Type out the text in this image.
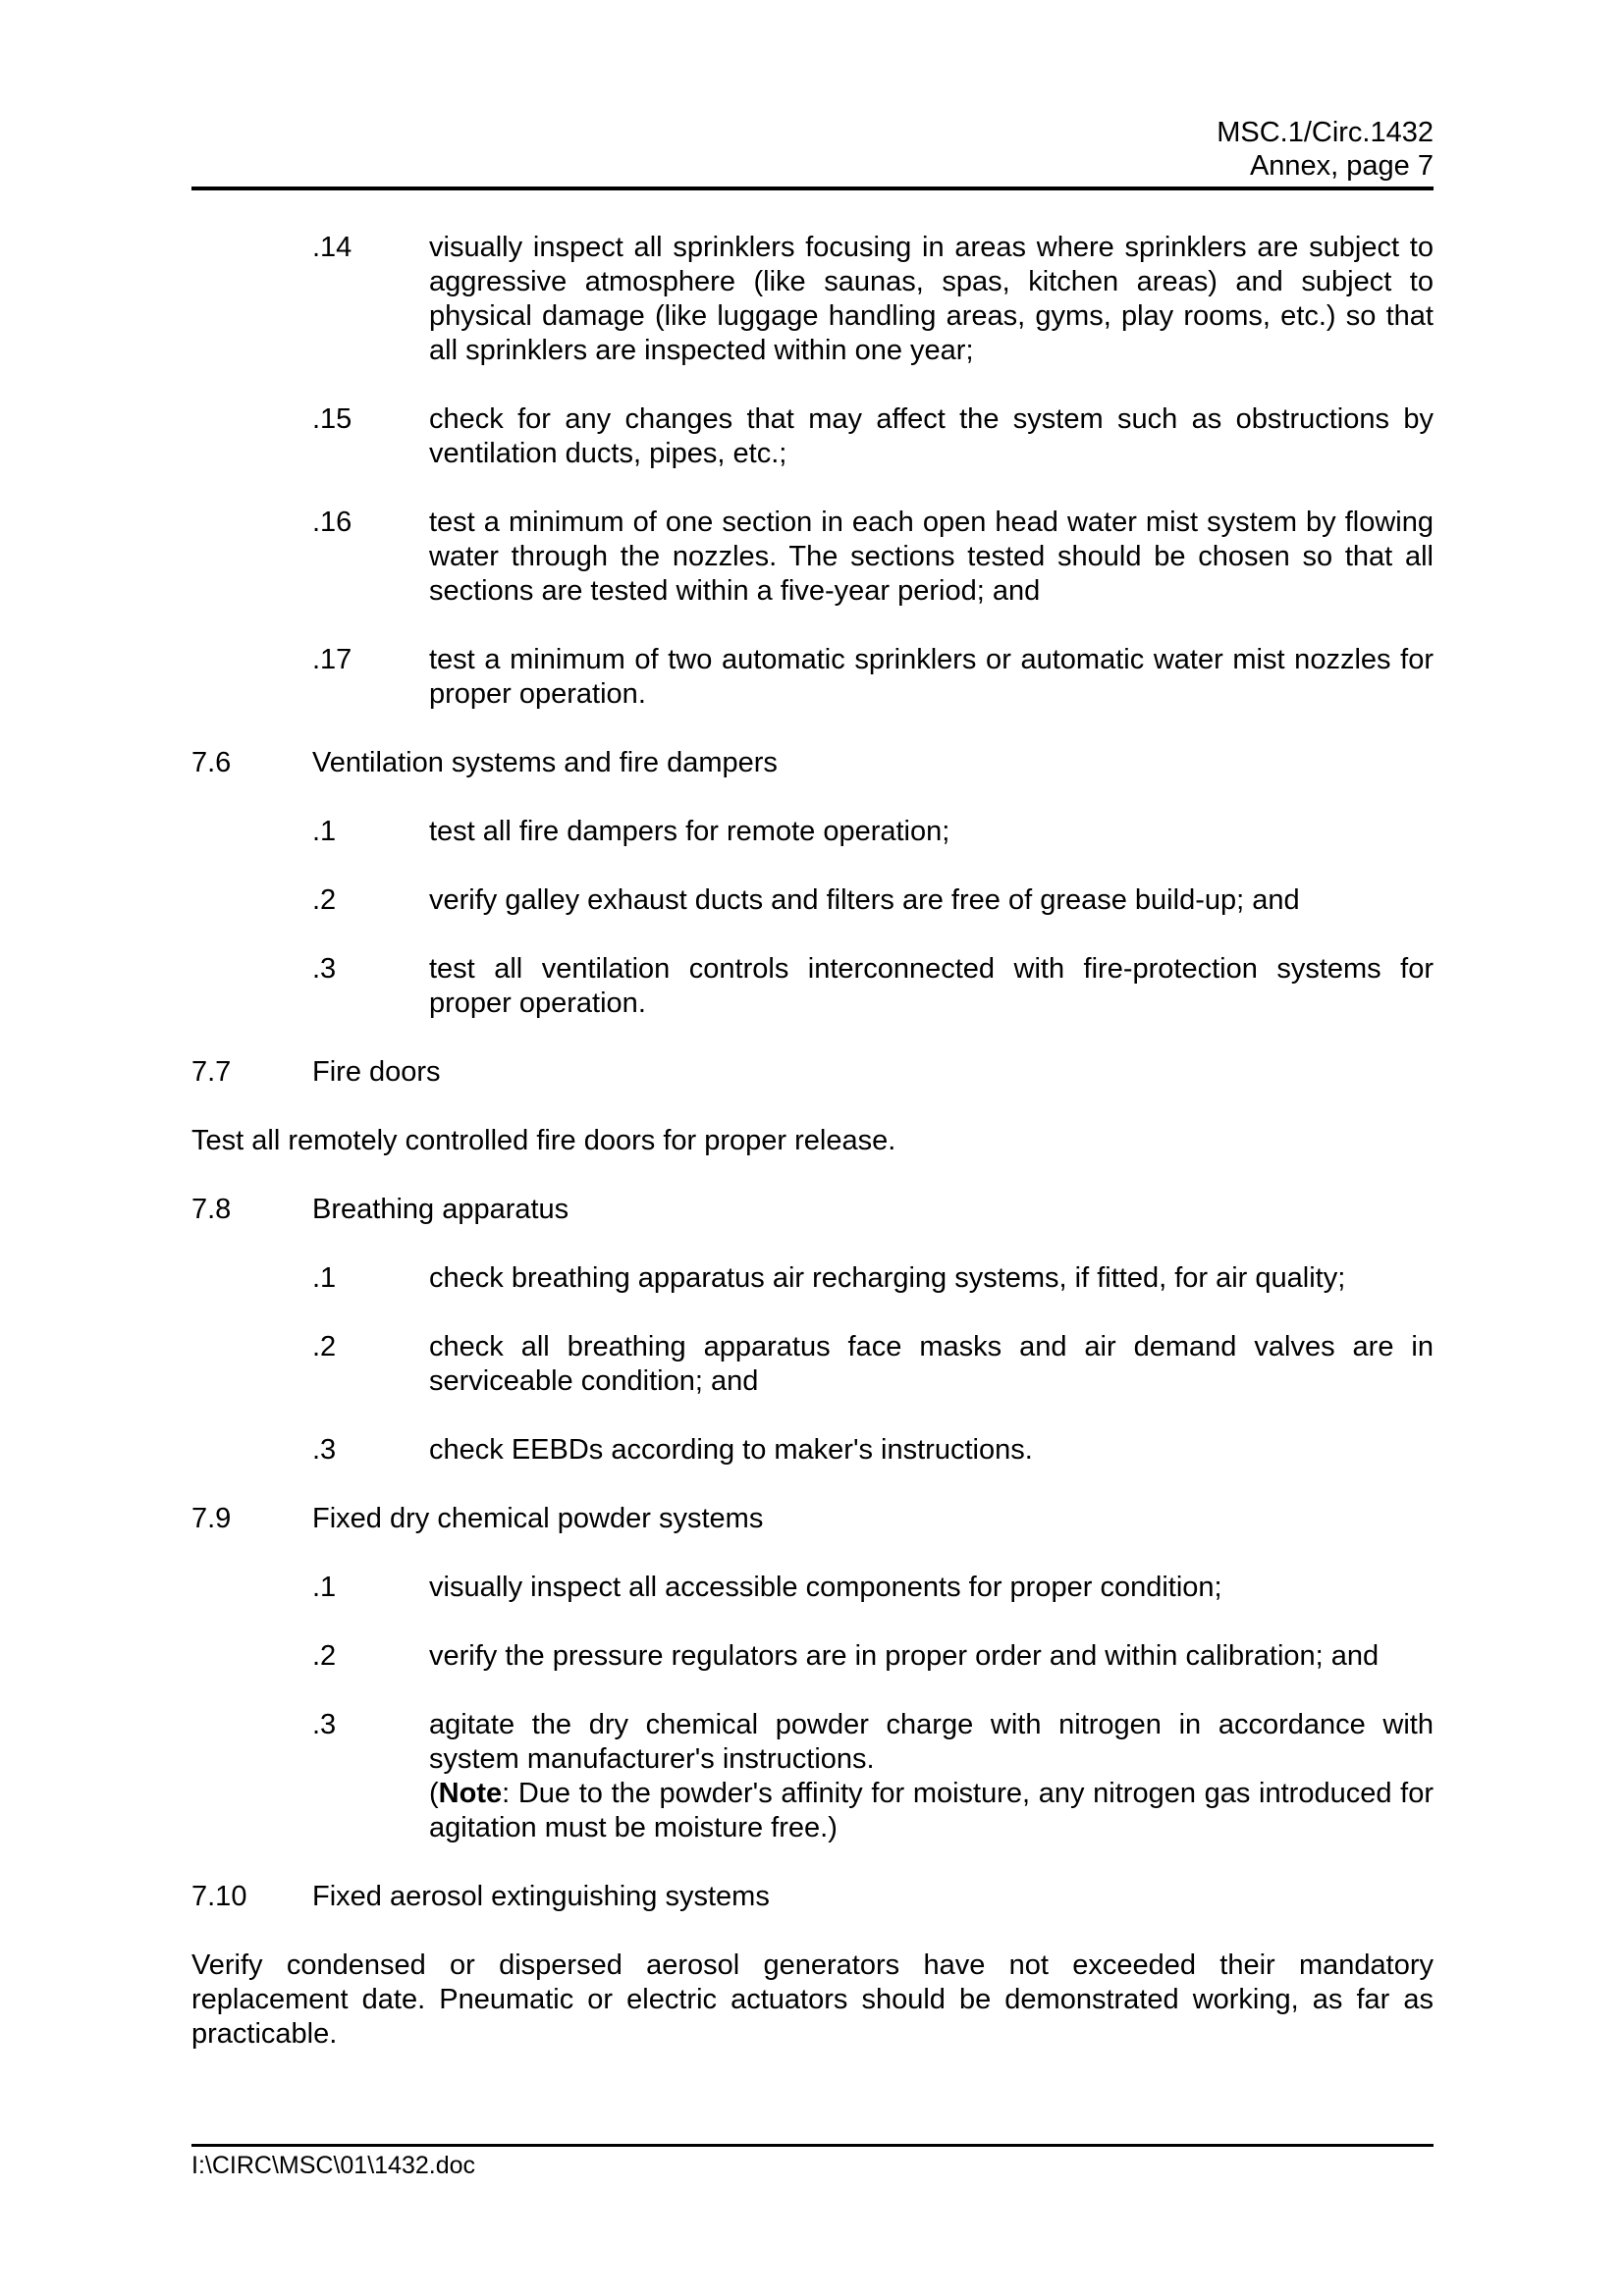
MSC.1/Circ.1432
Annex, page 7
.14	visually inspect all sprinklers focusing in areas where sprinklers are subject to aggressive atmosphere (like saunas, spas, kitchen areas) and subject to physical damage (like luggage handling areas, gyms, play rooms, etc.) so that all sprinklers are inspected within one year;
.15	check for any changes that may affect the system such as obstructions by ventilation ducts, pipes, etc.;
.16	test a minimum of one section in each open head water mist system by flowing water through the nozzles. The sections tested should be chosen so that all sections are tested within a five-year period; and
.17	test a minimum of two automatic sprinklers or automatic water mist nozzles for proper operation.
7.6	Ventilation systems and fire dampers
.1	test all fire dampers for remote operation;
.2	verify galley exhaust ducts and filters are free of grease build-up; and
.3	test all ventilation controls interconnected with fire-protection systems for proper operation.
7.7	Fire doors
Test all remotely controlled fire doors for proper release.
7.8	Breathing apparatus
.1	check breathing apparatus air recharging systems, if fitted, for air quality;
.2	check all breathing apparatus face masks and air demand valves are in serviceable condition; and
.3	check EEBDs according to maker's instructions.
7.9	Fixed dry chemical powder systems
.1	visually inspect all accessible components for proper condition;
.2	verify the pressure regulators are in proper order and within calibration; and
.3	agitate the dry chemical powder charge with nitrogen in accordance with system manufacturer's instructions.
(Note: Due to the powder's affinity for moisture, any nitrogen gas introduced for agitation must be moisture free.)
7.10	Fixed aerosol extinguishing systems
Verify condensed or dispersed aerosol generators have not exceeded their mandatory replacement date. Pneumatic or electric actuators should be demonstrated working, as far as practicable.
I:\CIRC\MSC\01\1432.doc
